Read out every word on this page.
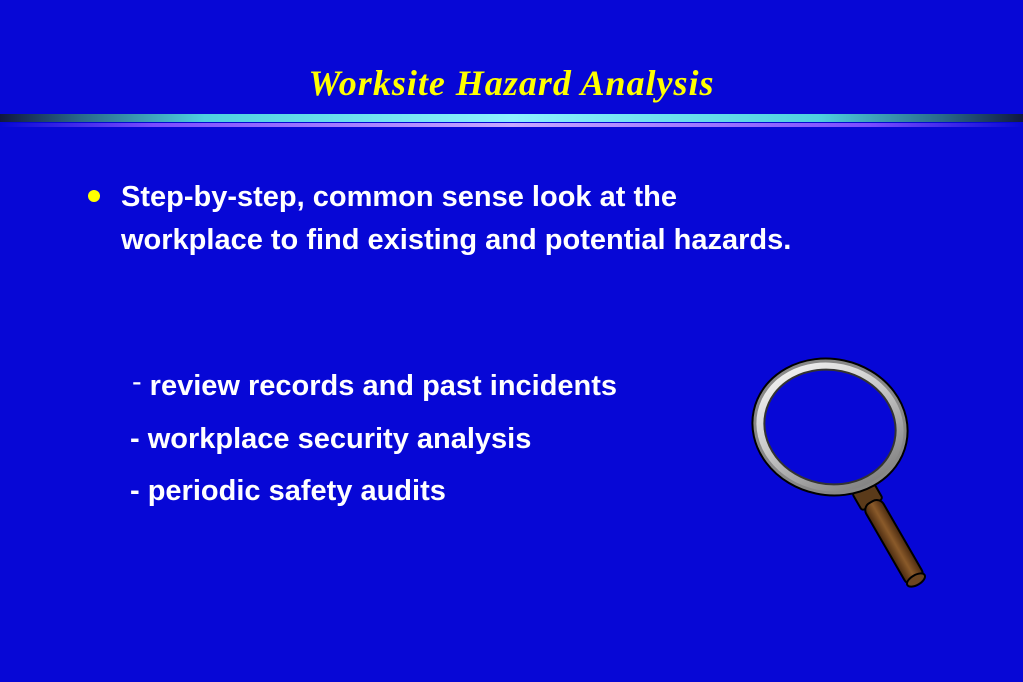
Worksite Hazard Analysis
Step-by-step, common sense look at the workplace to find existing and potential hazards.
- review records and past incidents
- workplace security analysis
- periodic safety audits
